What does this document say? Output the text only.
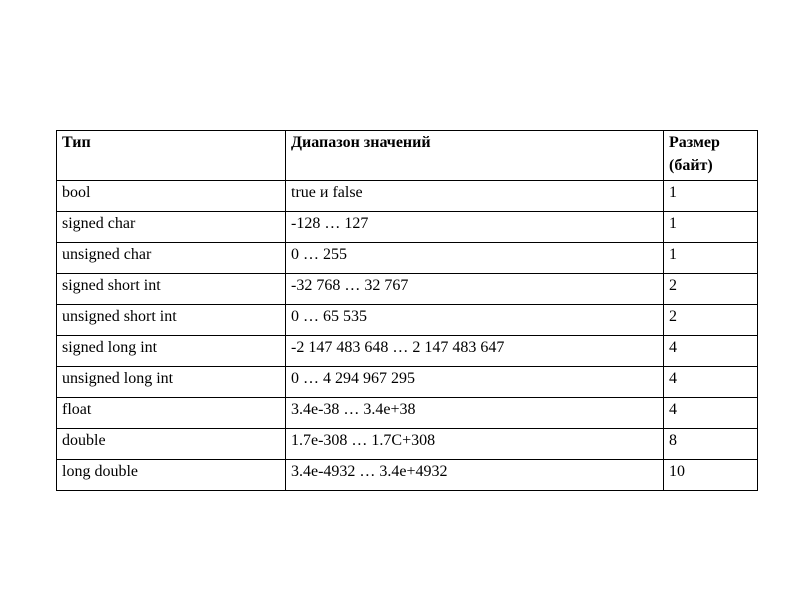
Тип	Диапазон значений	Размер (байт)
bool	true и false	1
signed char	-128 … 127	1
unsigned char	0 … 255	1
signed short int	-32 768 … 32 767	2
unsigned short int	0 … 65 535	2
signed long int	-2 147 483 648 … 2 147 483 647	4
unsigned long int	0 … 4 294 967 295	4
float	3.4e-38 … 3.4e+38	4
double	1.7e-308 … 1.7C+308	8
long double	3.4e-4932 … 3.4e+4932	10
